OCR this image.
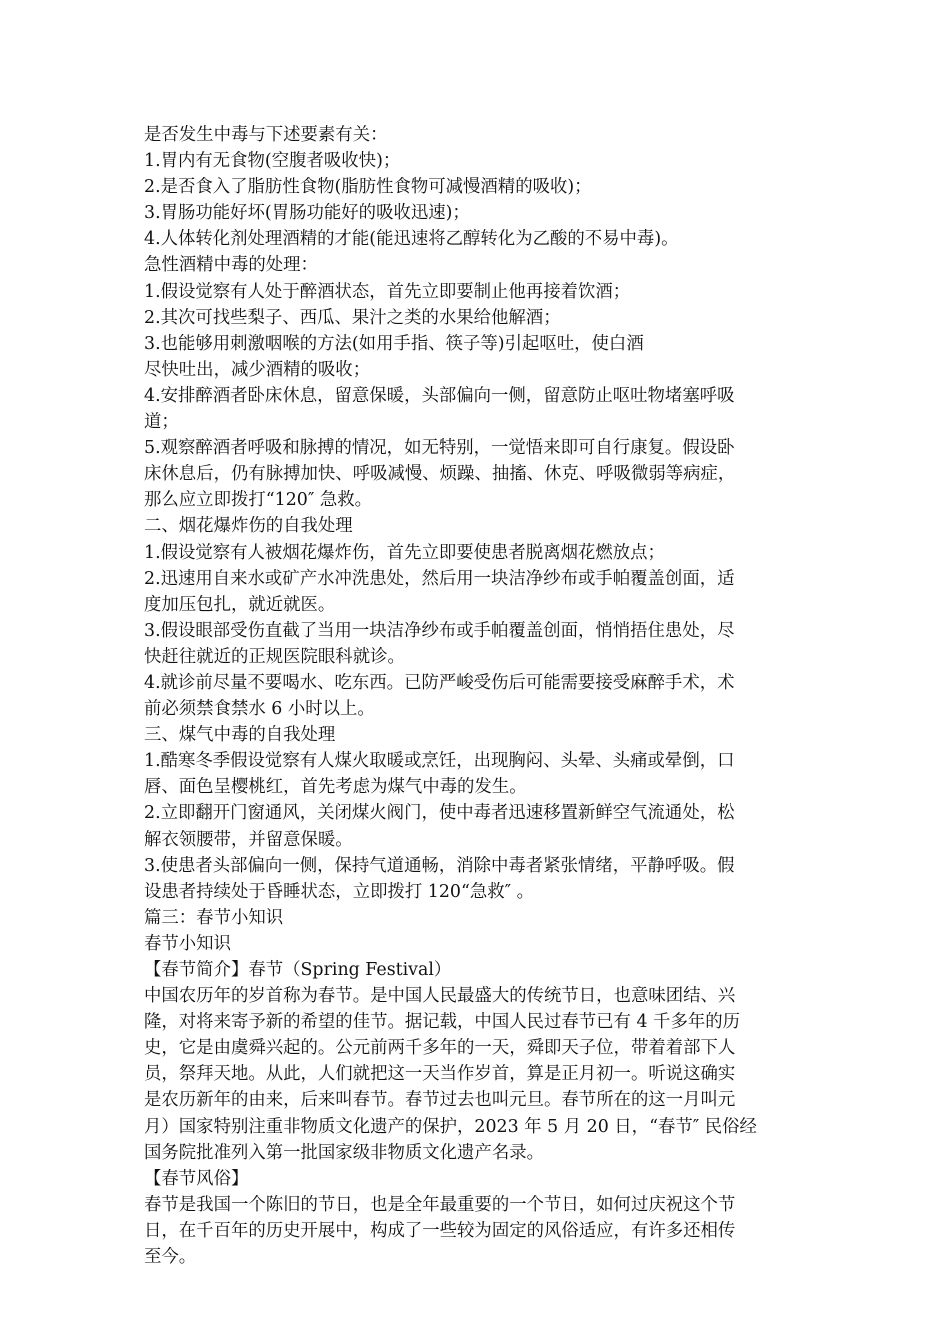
是否发生中毒与下述要素有关：
1.胃内有无食物(空腹者吸收快)；
2.是否食入了脂肪性食物(脂肪性食物可减慢酒精的吸收)；
3.胃肠功能好坏(胃肠功能好的吸收迅速)；
4.人体转化剂处理酒精的才能(能迅速将乙醇转化为乙酸的不易中毒)。
急性酒精中毒的处理：
1.假设觉察有人处于醉酒状态，首先立即要制止他再接着饮酒；
2.其次可找些梨子、西瓜、果汁之类的水果给他解酒；
3.也能够用刺激咽喉的方法(如用手指、筷子等)引起呕吐，使白酒
尽快吐出，减少酒精的吸收；
4.安排醉酒者卧床休息，留意保暖，头部偏向一侧，留意防止呕吐物堵塞呼吸
道；
5.观察醉酒者呼吸和脉搏的情况，如无特别，一觉悟来即可自行康复。假设卧
床休息后，仍有脉搏加快、呼吸减慢、烦躁、抽搐、休克、呼吸微弱等病症，
那么应立即拨打“120″ 急救。
二、烟花爆炸伤的自我处理
1.假设觉察有人被烟花爆炸伤，首先立即要使患者脱离烟花燃放点；
2.迅速用自来水或矿产水冲洗患处，然后用一块洁净纱布或手帕覆盖创面，适
度加压包扎，就近就医。
3.假设眼部受伤直截了当用一块洁净纱布或手帕覆盖创面，悄悄捂住患处，尽
快赶往就近的正规医院眼科就诊。
4.就诊前尽量不要喝水、吃东西。已防严峻受伤后可能需要接受麻醉手术，术
前必须禁食禁水 6 小时以上。
三、煤气中毒的自我处理
1.酷寒冬季假设觉察有人煤火取暖或烹饪，出现胸闷、头晕、头痛或晕倒，口
唇、面色呈樱桃红，首先考虑为煤气中毒的发生。
2.立即翻开门窗通风，关闭煤火阀门，使中毒者迅速移置新鲜空气流通处，松
解衣领腰带，并留意保暖。
3.使患者头部偏向一侧，保持气道通畅，消除中毒者紧张情绪，平静呼吸。假
设患者持续处于昏睡状态，立即拨打 120“急救″ 。
篇三：春节小知识
春节小知识
【春节简介】春节（Spring Festival）
中国农历年的岁首称为春节。是中国人民最盛大的传统节日，也意味团结、兴
隆，对将来寄予新的希望的佳节。据记载，中国人民过春节已有 4 千多年的历
史，它是由虞舜兴起的。公元前两千多年的一天，舜即天子位，带着着部下人
员，祭拜天地。从此，人们就把这一天当作岁首，算是正月初一。听说这确实
是农历新年的由来，后来叫春节。春节过去也叫元旦。春节所在的这一月叫元
月）国家特别注重非物质文化遗产的保护，2023 年 5 月 20 日，“春节″ 民俗经
国务院批准列入第一批国家级非物质文化遗产名录。
【春节风俗】
春节是我国一个陈旧的节日，也是全年最重要的一个节日，如何过庆祝这个节
日，在千百年的历史开展中，构成了一些较为固定的风俗适应，有许多还相传
至今。
